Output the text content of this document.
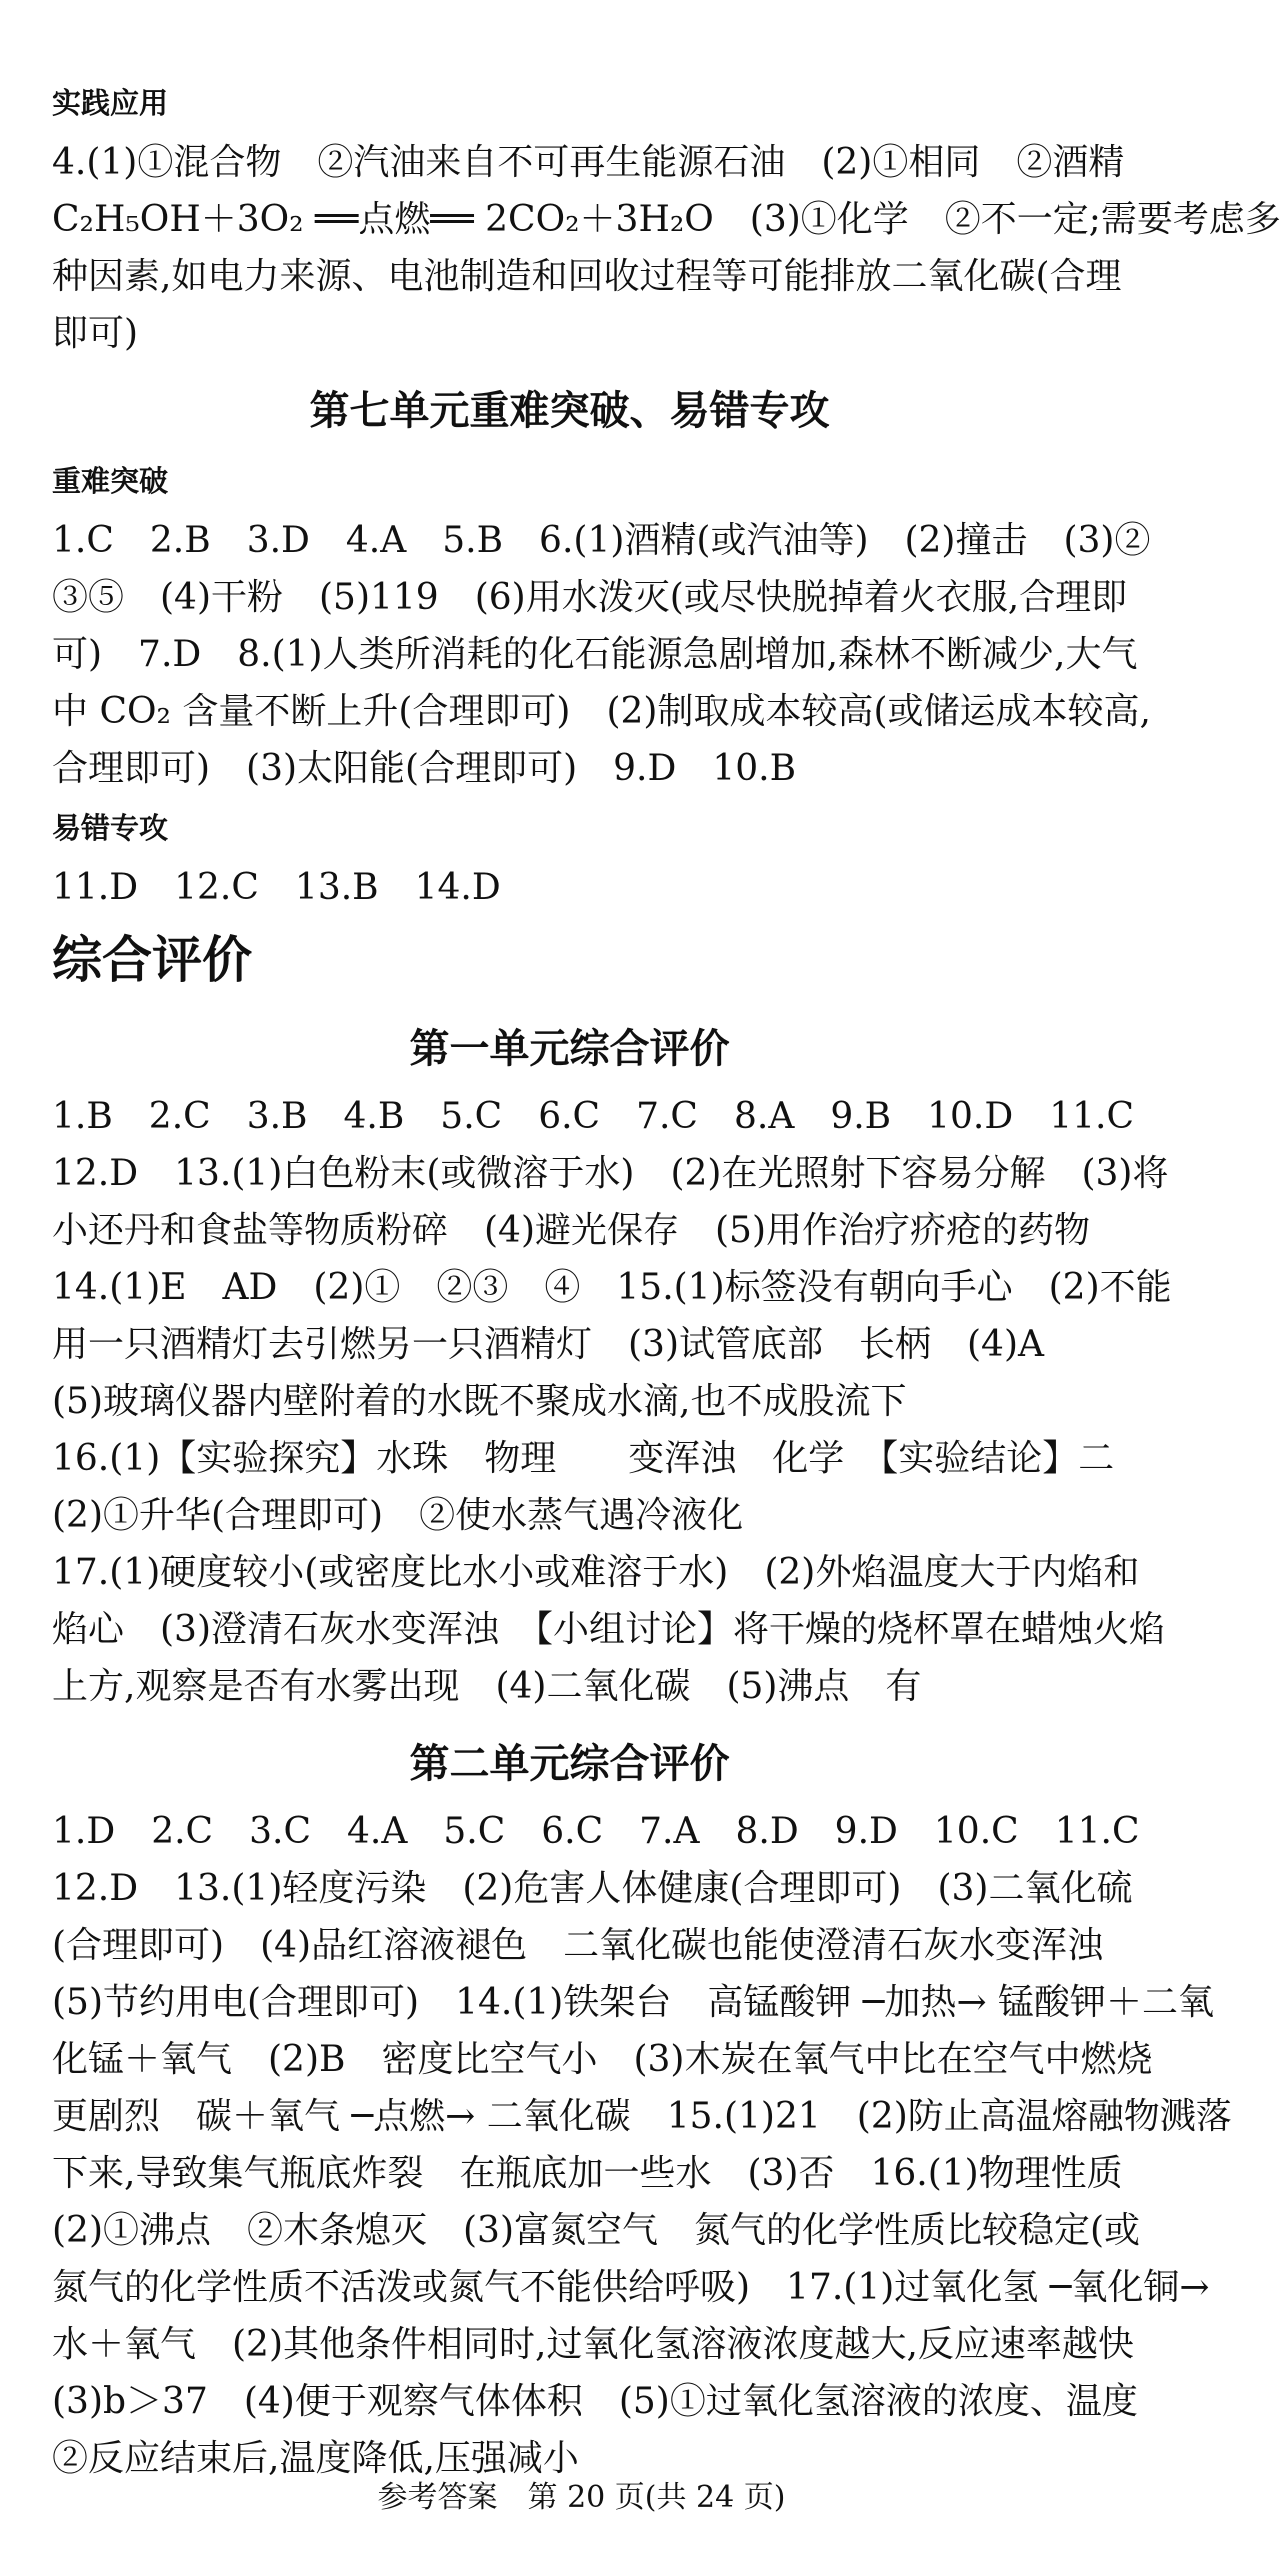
实践应用
4.(1)①混合物　②汽油来自不可再生能源石油　(2)①相同　②酒精
C₂H₅OH＋3O₂ ══点燃══ 2CO₂＋3H₂O　(3)①化学　②不一定;需要考虑多
种因素,如电力来源、电池制造和回收过程等可能排放二氧化碳(合理
即可)
第七单元重难突破、易错专攻
重难突破
1.C　2.B　3.D　4.A　5.B　6.(1)酒精(或汽油等)　(2)撞击　(3)②
③⑤　(4)干粉　(5)119　(6)用水泼灭(或尽快脱掉着火衣服,合理即
可)　7.D　8.(1)人类所消耗的化石能源急剧增加,森林不断减少,大气
中 CO₂ 含量不断上升(合理即可)　(2)制取成本较高(或储运成本较高,
合理即可)　(3)太阳能(合理即可)　9.D　10.B
易错专攻
11.D　12.C　13.B　14.D
综合评价
第一单元综合评价
1.B　2.C　3.B　4.B　5.C　6.C　7.C　8.A　9.B　10.D　11.C
12.D　13.(1)白色粉末(或微溶于水)　(2)在光照射下容易分解　(3)将
小还丹和食盐等物质粉碎　(4)避光保存　(5)用作治疗疥疮的药物
14.(1)E　AD　(2)①　②③　④　15.(1)标签没有朝向手心　(2)不能
用一只酒精灯去引燃另一只酒精灯　(3)试管底部　长柄　(4)A
(5)玻璃仪器内壁附着的水既不聚成水滴,也不成股流下
16.(1)【实验探究】水珠　物理　　变浑浊　化学　【实验结论】二
(2)①升华(合理即可)　②使水蒸气遇冷液化
17.(1)硬度较小(或密度比水小或难溶于水)　(2)外焰温度大于内焰和
焰心　(3)澄清石灰水变浑浊　【小组讨论】将干燥的烧杯罩在蜡烛火焰
上方,观察是否有水雾出现　(4)二氧化碳　(5)沸点　有
第二单元综合评价
1.D　2.C　3.C　4.A　5.C　6.C　7.A　8.D　9.D　10.C　11.C
12.D　13.(1)轻度污染　(2)危害人体健康(合理即可)　(3)二氧化硫
(合理即可)　(4)品红溶液褪色　二氧化碳也能使澄清石灰水变浑浊
(5)节约用电(合理即可)　14.(1)铁架台　高锰酸钾 ─加热→ 锰酸钾＋二氧
化锰＋氧气　(2)B　密度比空气小　(3)木炭在氧气中比在空气中燃烧
更剧烈　碳＋氧气 ─点燃→ 二氧化碳　15.(1)21　(2)防止高温熔融物溅落
下来,导致集气瓶底炸裂　在瓶底加一些水　(3)否　16.(1)物理性质
(2)①沸点　②木条熄灭　(3)富氮空气　氮气的化学性质比较稳定(或
氮气的化学性质不活泼或氮气不能供给呼吸)　17.(1)过氧化氢 ─氧化铜→
水＋氧气　(2)其他条件相同时,过氧化氢溶液浓度越大,反应速率越快
(3)b＞37　(4)便于观察气体体积　(5)①过氧化氢溶液的浓度、温度
②反应结束后,温度降低,压强减小
参考答案　第 20 页(共 24 页)
